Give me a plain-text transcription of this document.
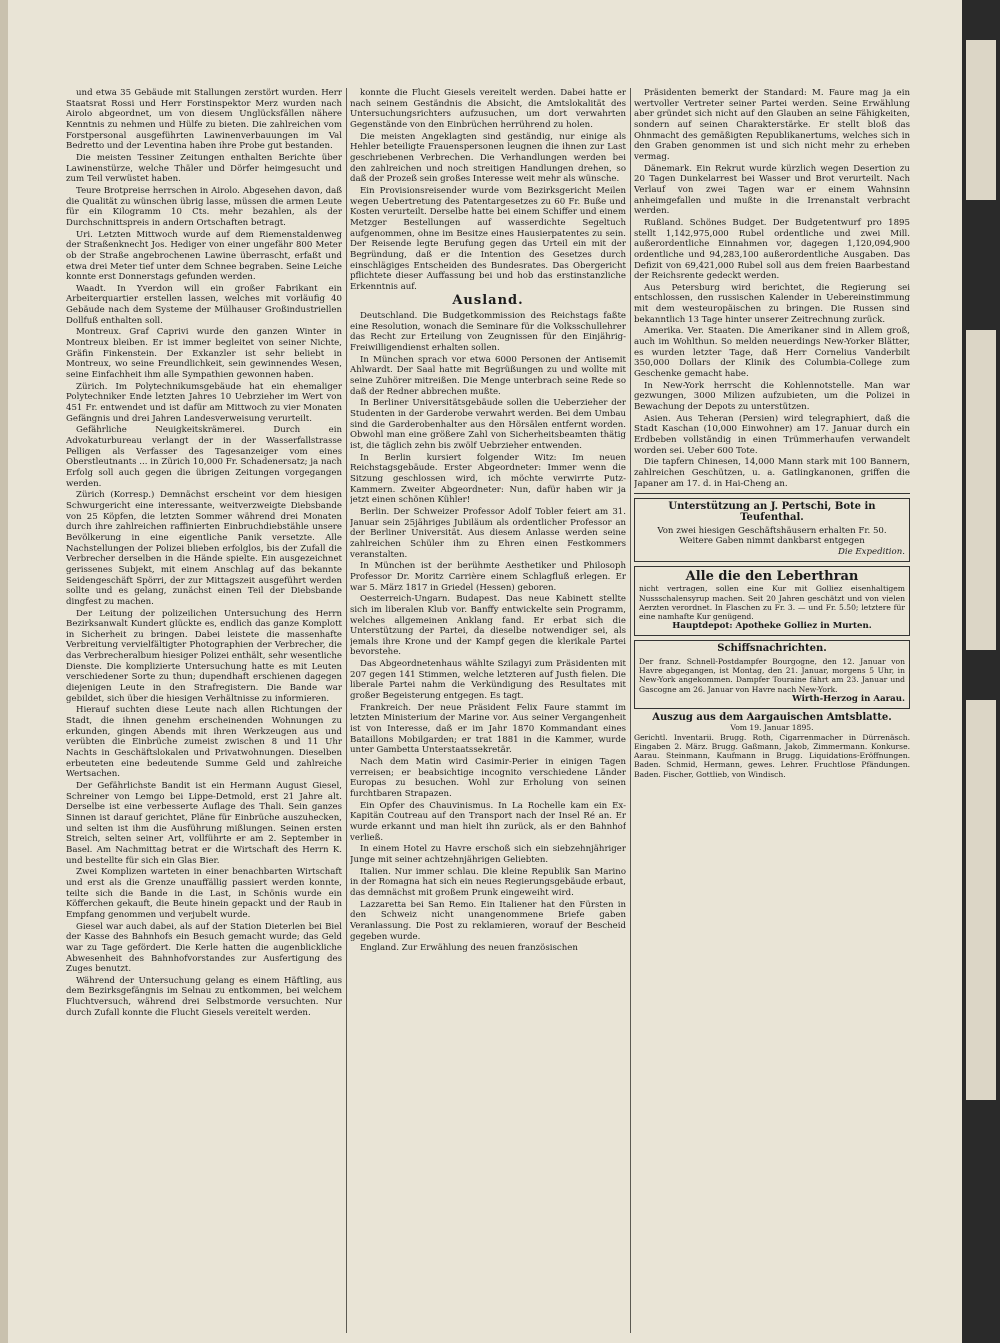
und etwa 35 Gebäude mit Stallungen zerstört wurden. Herr Staatsrat Rossi und Herr Forstinspektor Merz wurden nach Airolo abgeordnet, um von diesem Unglücksfällen nähere Kenntnis zu nehmen und Hülfe zu bieten. Die zahlreichen vom Forstpersonal ausgeführten Lawinenverbauungen im Val Bedretto und der Leventina haben ihre Probe gut bestanden.

Die meisten Tessiner Zeitungen enthalten Berichte über Lawinenstürze, welche Thäler und Dörfer heimgesucht und zum Teil verwüstet haben.

Teure Brotpreise herrschen in Airolo. Abgesehen davon, daß die Qualität zu wünschen übrig lasse, müssen die armen Leute für ein Kilogramm 10 Cts. mehr bezahlen, als der Durchschnittspreis in andern Ortschaften betragt.

Uri. Letzten Mittwoch wurde auf dem Riemenstaldenweg der Straßenknecht Jos. Hediger von einer ungefähr 800 Meter ob der Straße angebrochenen Lawine überrascht, erfaßt und etwa drei Meter tief unter dem Schnee begraben. Seine Leiche konnte erst Donnerstags gefunden werden.

Waadt. In Yverdon will ein großer Fabrikant ein Arbeiterquartier erstellen lassen, welches mit vorläufig 40 Gebäude nach dem Systeme der Mülhauser Großindustriellen Dollfuß enthalten soll.

Montreux. Graf Caprivi wurde den ganzen Winter in Montreux bleiben. Er ist immer begleitet von seiner Nichte, Gräfin Finkenstein. Der Exkanzler ist sehr beliebt in Montreux, wo seine Freundlichkeit, sein gewinnendes Wesen, seine Einfachheit ihm alle Sympathien gewonnen haben.

Zürich. Im Polytechnikumsgebäude hat ein ehemaliger Polytechniker Ende letzten Jahres 10 Uebrzieher im Wert von 451 Fr. entwendet und ist dafür am Mittwoch zu vier Monaten Gefängnis und drei Jahren Landesverweisung verurteilt.

Gefährliche Neuigkeitskrämerei. Durch ein Advokaturbureau verlangt der in der Wasserfallstrasse Pelligen als Verfasser des Tagesanzeiger vom eines Oberstleutnants ... in Zürich 10,000 Fr. Schadenersatz; ja nach Erfolg soll auch gegen die übrigen Zeitungen vorgegangen werden.

Zürich (Korresp.) Demnächst erscheint vor dem hiesigen Schwurgericht eine interessante, weitverzweigte Diebsbande von 25 Köpfen, die letzten Sommer während drei Monaten durch ihre zahlreichen raffinierten Einbruchdiebstähle unsere Bevölkerung in eine eigentliche Panik versetzte. Alle Nachstellungen der Polizei blieben erfolglos, bis der Zufall die Verbrecher derselben in die Hände spielte. Ein ausgezeichnet gerissenes Subjekt, mit einem Anschlag auf das bekannte Seidengeschäft Spörri, der zur Mittagszeit ausgeführt werden sollte und es gelang, zunächst einen Teil der Diebsbande dingfest zu machen.

Der Leitung der polizeilichen Untersuchung des Herrn Bezirksanwalt Kundert glückte es, endlich das ganze Komplott in Sicherheit zu bringen. Dabei leistete die massenhafte Verbreitung vervielfältigter Photographien der Verbrecher, die das Verbrecheralbum hiesiger Polizei enthält, sehr wesentliche Dienste. Die komplizierte Untersuchung hatte es mit Leuten verschiedener Sorte zu thun; dupendhaft erschienen dagegen diejenigen Leute in den Strafregistern. Die Bande war gebildet, sich über die hiesigen Verhältnisse zu informieren.

Hierauf suchten diese Leute nach allen Richtungen der Stadt, die ihnen genehm erscheinenden Wohnungen zu erkunden, gingen Abends mit ihren Werkzeugen aus und verübten die Einbrüche zumeist zwischen 8 und 11 Uhr Nachts in Geschäftslokalen und Privatwohnungen. Dieselben erbeuteten eine bedeutende Summe Geld und zahlreiche Wertsachen.

Der Gefährlichste Bandit ist ein Hermann August Giesel, Schreiner von Lemgo bei Lippe-Detmold, erst 21 Jahre alt. Derselbe ist eine verbesserte Auflage des Thali. Sein ganzes Sinnen ist darauf gerichtet, Pläne für Einbrüche auszuhecken, und selten ist ihm die Ausführung mißlungen. Seinen ersten Streich, selten seiner Art, vollführte er am 2. September in Basel. Am Nachmittag betrat er die Wirtschaft des Herrn K. und bestellte für sich ein Glas Bier.

Zwei Komplizen warteten in einer benachbarten Wirtschaft und erst als die Grenze unauffällig passiert werden konnte, teilte sich die Bande in die Last, in Schönis wurde ein Köfferchen gekauft, die Beute hinein gepackt und der Raub in Empfang genommen und verjubelt wurde.

Giesel war auch dabei, als auf der Station Dieterlen bei Biel der Kasse des Bahnhofs ein Besuch gemacht wurde; das Geld war zu Tage gefördert. Die Kerle hatten die augenblickliche Abwesenheit des Bahnhofvorstandes zur Ausfertigung des Zuges benutzt.

Während der Untersuchung gelang es einem Häftling, aus dem Bezirksgefängnis im Selnau zu entkommen, bei welchem Fluchtversuch, während drei Selbstmorde versuchten. Nur durch Zufall konnte die Flucht Giesels vereitelt werden.

konnte die Flucht Giesels vereitelt werden. Dabei hatte er nach seinem Geständnis die Absicht, die Amtslokalität des Untersuchungsrichters aufzusuchen, um dort verwahrten Gegenstände von den Einbrüchen herrührend zu holen.

Die meisten Angeklagten sind geständig, nur einige als Hehler beteiligte Frauenspersonen leugnen die ihnen zur Last geschriebenen Verbrechen. Die Verhandlungen werden bei den zahlreichen und noch streitigen Handlungen drehen, so daß der Prozeß sein großes Interesse weit mehr als wünsche.

Ein Provisionsreisender wurde vom Bezirksgericht Meilen wegen Uebertretung des Patentargesetzes zu 60 Fr. Buße und Kosten verurteilt. Derselbe hatte bei einem Schiffer und einem Metzger Bestellungen auf wasserdichte Segeltuch aufgenommen, ohne im Besitze eines Hausierpatentes zu sein. Der Reisende legte Berufung gegen das Urteil ein mit der Begründung, daß er die Intention des Gesetzes durch einschlägiges Entscheiden des Bundesrates. Das Obergericht pflichtete dieser Auffassung bei und hob das erstinstanzliche Erkenntnis auf.

Ausland.

Deutschland. Die Budgetkommission des Reichstags faßte eine Resolution, wonach die Seminare für die Volksschullehrer das Recht zur Erteilung von Zeugnissen für den Einjährig-Freiwilligendienst erhalten sollen.

In München sprach vor etwa 6000 Personen der Antisemit Ahlwardt. Der Saal hatte mit Begrüßungen zu und wollte mit seine Zuhörer mitreißen. Die Menge unterbrach seine Rede so daß der Redner abbrechen mußte.

In Berliner Universitätsgebäude sollen die Ueberzieher der Studenten in der Garderobe verwahrt werden. Bei dem Umbau sind die Garderobenhalter aus den Hörsälen entfernt worden. Obwohl man eine größere Zahl von Sicherheitsbeamten thätig ist, die täglich zehn bis zwölf Uebrzieher entwenden.

In Berlin kursiert folgender Witz: Im neuen Reichstagsgebäude. Erster Abgeordneter: Immer wenn die Sitzung geschlossen wird, ich möchte verwirrte Putz-Kammern. Zweiter Abgeordneter: Nun, dafür haben wir ja jetzt einen schönen Kühler!

Berlin. Der Schweizer Professor Adolf Tobler feiert am 31. Januar sein 25jähriges Jubiläum als ordentlicher Professor an der Berliner Universität. Aus diesem Anlasse werden seine zahlreichen Schüler ihm zu Ehren einen Festkommers veranstalten.

In München ist der berühmte Aesthetiker und Philosoph Professor Dr. Moritz Carrière einem Schlagfluß erlegen. Er war 5. März 1817 in Griedel (Hessen) geboren.

Oesterreich-Ungarn. Budapest. Das neue Kabinett stellte sich im liberalen Klub vor. Banffy entwickelte sein Programm, welches allgemeinen Anklang fand. Er erbat sich die Unterstützung der Partei, da dieselbe notwendiger sei, als jemals ihre Krone und der Kampf gegen die klerikale Partei bevorstehe.

Das Abgeordnetenhaus wählte Szilagyi zum Präsidenten mit 207 gegen 141 Stimmen, welche letzteren auf Justh fielen. Die liberale Partei nahm die Verkündigung des Resultates mit großer Begeisterung entgegen. Es tagt.

Frankreich. Der neue Präsident Felix Faure stammt im letzten Ministerium der Marine vor. Aus seiner Vergangenheit ist von Interesse, daß er im Jahr 1870 Kommandant eines Bataillons Mobilgarden; er trat 1881 in die Kammer, wurde unter Gambetta Unterstaatssekretär.

Nach dem Matin wird Casimir-Perier in einigen Tagen verreisen; er beabsichtige incognito verschiedene Länder Europas zu besuchen. Wohl zur Erholung von seinen furchtbaren Strapazen.

Ein Opfer des Chauvinismus. In La Rochelle kam ein Ex-Kapitän Coutreau auf den Transport nach der Insel Ré an. Er wurde erkannt und man hielt ihn zurück, als er den Bahnhof verließ.

In einem Hotel zu Havre erschoß sich ein siebzehnjähriger Junge mit seiner achtzehnjährigen Geliebten.

Italien. Nur immer schlau. Die kleine Republik San Marino in der Romagna hat sich ein neues Regierungsgebäude erbaut, das demnächst mit großem Prunk eingeweiht wird.

Lazzaretta bei San Remo. Ein Italiener hat den Fürsten in den Schweiz nicht unangenommene Briefe gaben Veranlassung. Die Post zu reklamieren, worauf der Bescheid gegeben wurde.

England. Zur Erwählung des neuen französischen

Präsidenten bemerkt der Standard: M. Faure mag ja ein wertvoller Vertreter seiner Partei werden. Seine Erwählung aber gründet sich nicht auf den Glauben an seine Fähigkeiten, sondern auf seinen Charakterstärke. Er stellt bloß das Ohnmacht des gemäßigten Republikanertums, welches sich in den Graben genommen ist und sich nicht mehr zu erheben vermag.

Dänemark. Ein Rekrut wurde kürzlich wegen Desertion zu 20 Tagen Dunkelarrest bei Wasser und Brot verurteilt. Nach Verlauf von zwei Tagen war er einem Wahnsinn anheimgefallen und mußte in die Irrenanstalt verbracht werden.

Rußland. Schönes Budget. Der Budgetentwurf pro 1895 stellt 1,142,975,000 Rubel ordentliche und zwei Mill. außerordentliche Einnahmen vor, dagegen 1,120,094,900 ordentliche und 94,283,100 außerordentliche Ausgaben. Das Defizit von 69,421,000 Rubel soll aus dem freien Baarbestand der Reichsrente gedeckt werden.

Aus Petersburg wird berichtet, die Regierung sei entschlossen, den russischen Kalender in Uebereinstimmung mit dem westeuropäischen zu bringen. Die Russen sind bekanntlich 13 Tage hinter unserer Zeitrechnung zurück.

Amerika. Ver. Staaten. Die Amerikaner sind in Allem groß, auch im Wohlthun. So melden neuerdings New-Yorker Blätter, es wurden letzter Tage, daß Herr Cornelius Vanderbilt 350,000 Dollars der Klinik des Columbia-College zum Geschenke gemacht habe.

In New-York herrscht die Kohlennotstelle. Man war gezwungen, 3000 Milizen aufzubieten, um die Polizei in Bewachung der Depots zu unterstützen.

Asien. Aus Teheran (Persien) wird telegraphiert, daß die Stadt Kaschan (10,000 Einwohner) am 17. Januar durch ein Erdbeben vollständig in einen Trümmerhaufen verwandelt worden sei. Ueber 600 Tote.

Die tapfern Chinesen, 14,000 Mann stark mit 100 Bannern, zahlreichen Geschützen, u. a. Gatlingkanonen, griffen die Japaner am 17. d. in Hai-Cheng an.

Unterstützung an J. Pertschi, Bote in Teufenthal.
Von zwei hiesigen Geschäftshäusern erhalten Fr. 50.
Weitere Gaben nimmt dankbarst entgegen
Die Expedition.
Alle die den Leberthran
nicht vertragen, sollen eine Kur mit Golliez eisenhaltigem Nussschalensyrup machen. Seit 20 Jahren geschätzt und von vielen Aerzten verordnet. In Flaschen zu Fr. 3. — und Fr. 5.50; letztere für eine namhafte Kur genügend.
Hauptdepot: Apotheke Golliez in Murten.
Schiffsnachrichten.
Der franz. Schnell-Postdampfer Bourgogne, den 12. Januar von Havre abgegangen, ist Montag, den 21. Januar, morgens 5 Uhr, in New-York angekommen. Dampfer Touraine fährt am 23. Januar und Gascogne am 26. Januar von Havre nach New-York.
Wirth-Herzog in Aarau.
Auszug aus dem Aargauischen Amtsblatte.
Vom 19. Januar 1895.
Gerichtl. Inventarii. Brugg. Roth, Cigarrenmacher in Dürrenäsch. Eingaben 2. März. Brugg. Gaßmann, Jakob, Zimmermann. Konkurse. Aarau. Steinmann, Kaufmann in Brugg. Liquidations-Eröffnungen. Baden. Schmid, Hermann, gewes. Lehrer. Fruchtlose Pfändungen. Baden. Fischer, Gottlieb, von Windisch.
